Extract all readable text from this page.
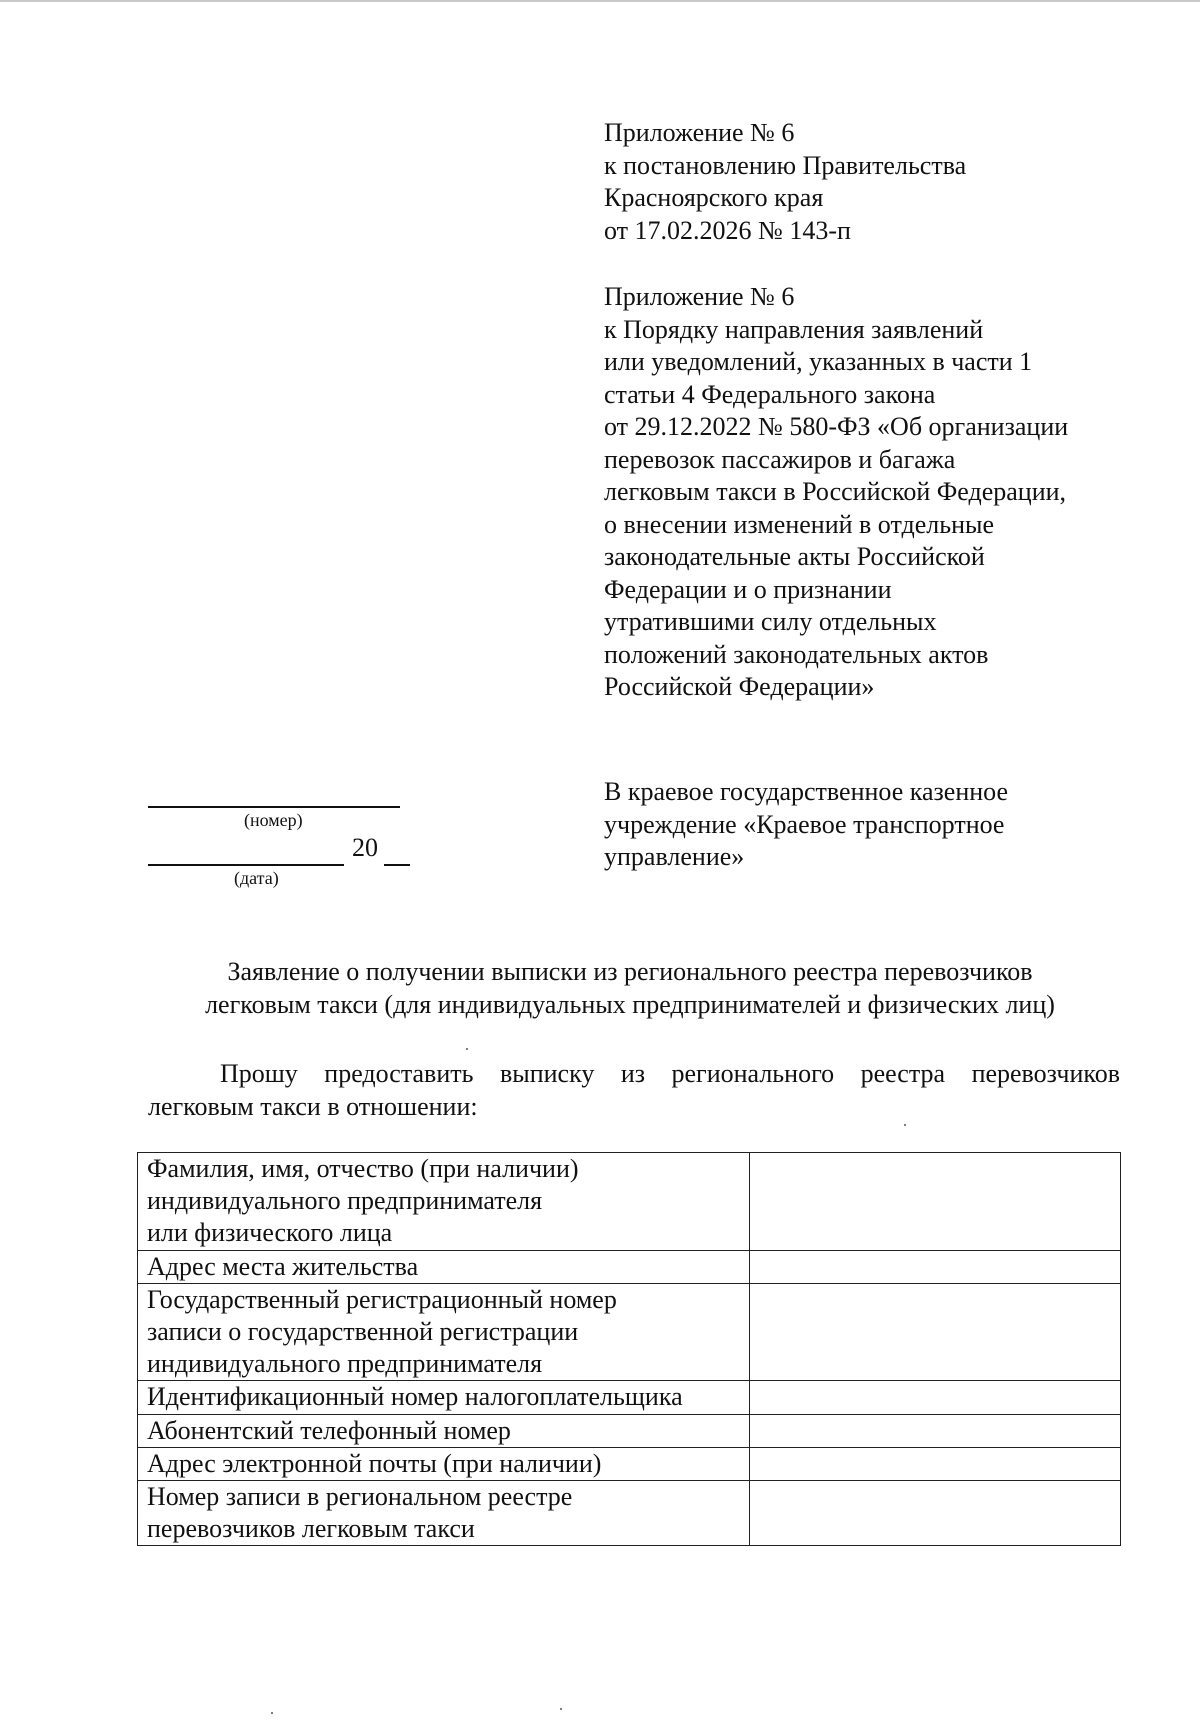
Приложение № 6
к постановлению Правительства
Красноярского края
от 17.02.2026 № 143-п
Приложение № 6
к Порядку направления заявлений
или уведомлений, указанных в части 1
статьи 4 Федерального закона
от 29.12.2022 № 580-ФЗ «Об организации
перевозок пассажиров и багажа
легковым такси в Российской Федерации,
о внесении изменений в отдельные
законодательные акты Российской
Федерации и о признании
утратившими силу отдельных
положений законодательных актов
Российской Федерации»
(номер)
20
(дата)
В краевое государственное казенное
учреждение «Краевое транспортное
управление»
Заявление о получении выписки из регионального реестра перевозчиков
легковым такси (для индивидуальных предпринимателей и физических лиц)
Прошу предоставить выписку из регионального реестра перевозчиков
легковым такси в отношении:
Фамилия, имя, отчество (при наличии)
индивидуального предпринимателя
или физического лица	

Адрес места жительства	

Государственный регистрационный номер
записи о государственной регистрации
индивидуального предпринимателя	

Идентификационный номер налогоплательщика	

Абонентский телефонный номер	

Адрес электронной почты (при наличии)	

Номер записи в региональном реестре
перевозчиков легковым такси	
